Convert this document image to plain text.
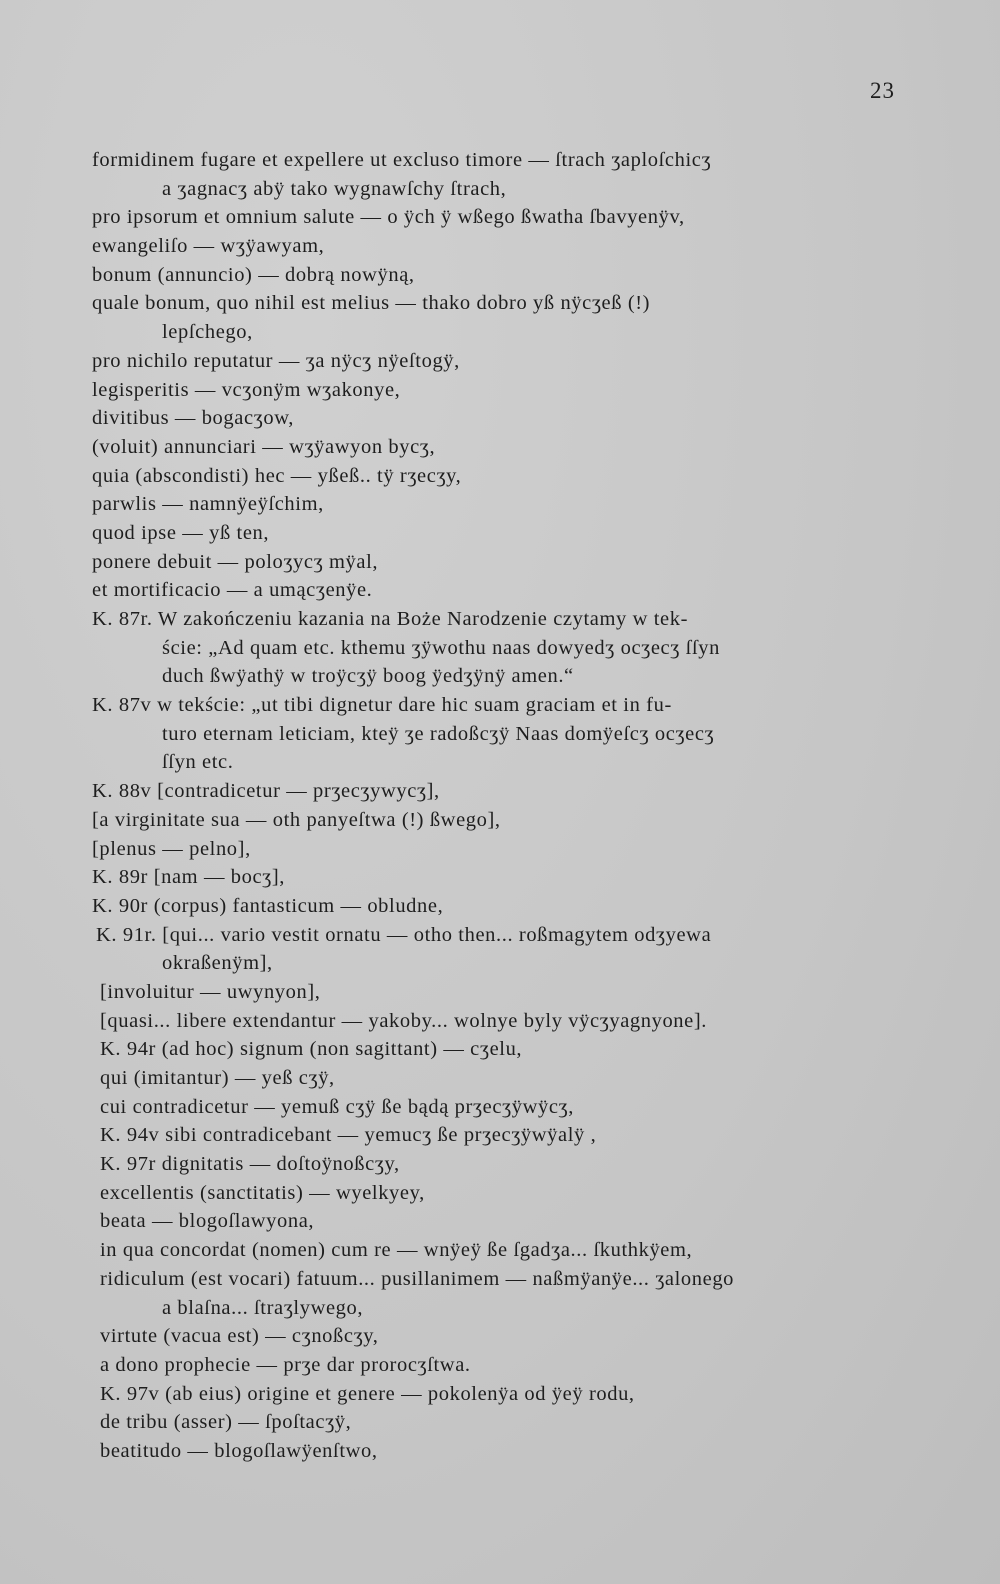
23
formidinem fugare et expellere ut excluso timore — ſtrach ʒaploſchicʒ
a ʒagnacʒ abÿ tako wygnawſchy ſtrach,
pro ipsorum et omnium salute — o ÿch ÿ wßego ßwatha ſbavyenÿv,
ewangeliſo — wʒÿawyam,
bonum (annuncio) — dobrą nowÿną,
quale bonum, quo nihil est melius — thako dobro yß nÿcʒeß (!)
lepſchego,
pro nichilo reputatur — ʒa nÿcʒ nÿeſtogÿ,
legisperitis — vcʒonÿm wʒakonye,
divitibus — bogacʒow,
(voluit) annunciari — wʒÿawyon bycʒ,
quia (abscondisti) hec — yßeß.. tÿ rʒecʒy,
parwlis — namnÿeÿſchim,
quod ipse — yß ten,
ponere debuit — poloʒycʒ mÿal,
et mortificacio — a umącʒenÿe.
K. 87r. W zakończeniu kazania na Boże Narodzenie czytamy w tek-
ście: „Ad quam etc. kthemu ʒÿwothu naas dowyedʒ ocʒecʒ ſſyn
duch ßwÿathÿ w troÿcʒÿ boog ÿedʒÿnÿ amen.“
K. 87v w tekście: „ut tibi dignetur dare hic suam graciam et in fu-
turo eternam leticiam, kteÿ ʒe radoßcʒÿ Naas domÿeſcʒ ocʒecʒ
ſſyn etc.
K. 88v [contradicetur — prʒecʒywycʒ],
[a virginitate sua — oth panyeſtwa (!) ßwego],
[plenus — pelno],
K. 89r [nam — bocʒ],
K. 90r (corpus) fantasticum — obludne,
K. 91r. [qui... vario vestit ornatu — otho then... roßmagytem odʒyewa
okraßenÿm],
[involuitur — uwynyon],
[quasi... libere extendantur — yakoby... wolnye byly vÿcʒyagnyone].
K. 94r (ad hoc) signum (non sagittant) — cʒelu,
qui (imitantur) — yeß cʒÿ,
cui contradicetur — yemuß cʒÿ ße bądą prʒecʒÿwÿcʒ,
K. 94v sibi contradicebant — yemucʒ ße prʒecʒÿwÿalÿ ,
K. 97r dignitatis — doſtoÿnoßcʒy,
excellentis (sanctitatis) — wyelkyey,
beata — blogoſlawyona,
in qua concordat (nomen) cum re — wnÿeÿ ße ſgadʒa... ſkuthkÿem,
ridiculum (est vocari) fatuum... pusillanimem — naßmÿanÿe... ʒalonego
a blaſna... ſtraʒlywego,
virtute (vacua est) — cʒnoßcʒy,
a dono prophecie — prʒe dar prorocʒſtwa.
K. 97v (ab eius) origine et genere — pokolenÿa od ÿeÿ rodu,
de tribu (asser) — ſpoſtacʒÿ,
beatitudo — blogoſlawÿenſtwo,
